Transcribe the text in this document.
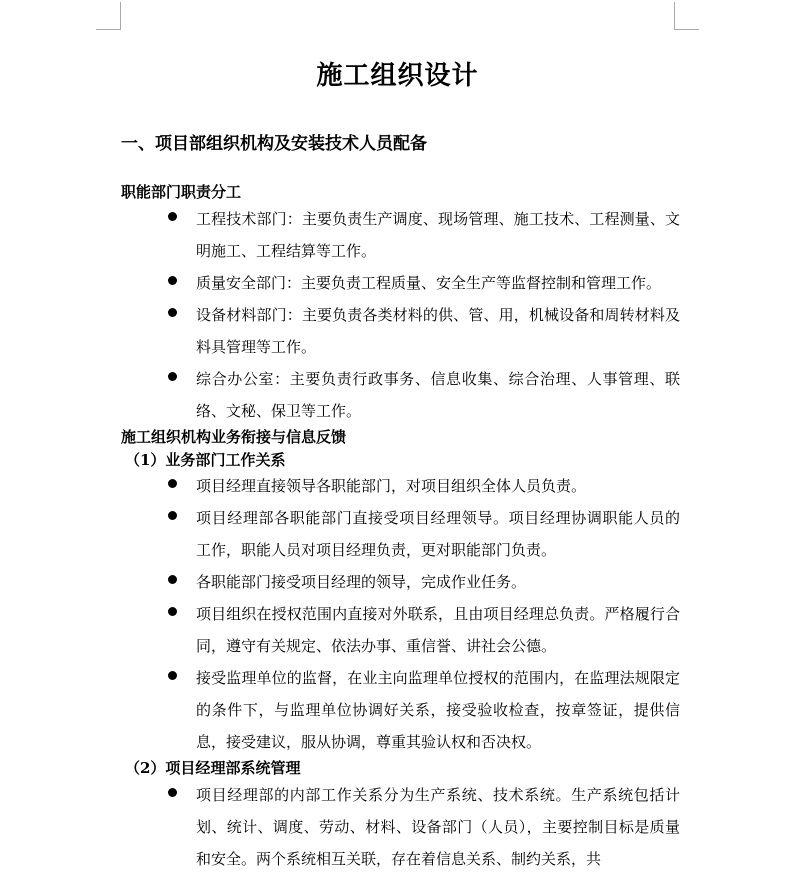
施工组织设计
一、项目部组织机构及安装技术人员配备
职能部门职责分工
工程技术部门：主要负责生产调度、现场管理、施工技术、工程测量、文明施工、工程结算等工作。
质量安全部门：主要负责工程质量、安全生产等监督控制和管理工作。
设备材料部门：主要负责各类材料的供、管、用，机械设备和周转材料及料具管理等工作。
综合办公室：主要负责行政事务、信息收集、综合治理、人事管理、联络、文秘、保卫等工作。
施工组织机构业务衔接与信息反馈
（1）业务部门工作关系
项目经理直接领导各职能部门，对项目组织全体人员负责。
项目经理部各职能部门直接受项目经理领导。项目经理协调职能人员的 工作，职能人员对项目经理负责，更对职能部门负责。
各职能部门接受项目经理的领导，完成作业任务。
项目组织在授权范围内直接对外联系，且由项目经理总负责。严格履行合同，遵守有关规定、依法办事、重信誉、讲社会公德。
接受监理单位的监督，在业主向监理单位授权的范围内，在监理法规限定的条件下，与监理单位协调好关系，接受验收检查，按章签证，提供信息，接受建议，服从协调，尊重其验认权和否决权。
（2）项目经理部系统管理
项目经理部的内部工作关系分为生产系统、技术系统。生产系统包括计划、统计、调度、劳动、材料、设备部门（人员），主要控制目标是质量和安全。两个系统相互关联，存在着信息关系、制约关系，共
